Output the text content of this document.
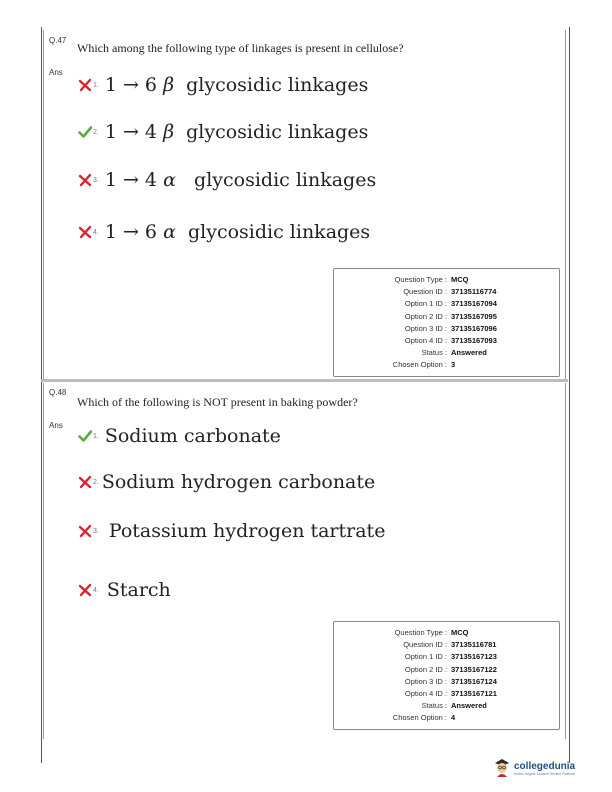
Q.47
Ans
Which among the following type of linkages is present in cellulose?
1. 1 → 6 β  glycosidic linkages
2. 1 → 4 β  glycosidic linkages
3. 1 → 4 α   glycosidic linkages
4. 1 → 6 α  glycosidic linkages
Question Type : MCQ
Question ID : 37135116774
Option 1 ID : 37135167094
Option 2 ID : 37135167095
Option 3 ID : 37135167096
Option 4 ID : 37135167093
Status : Answered
Chosen Option : 3
Q.48
Ans
Which of the following is NOT present in baking powder?
1. Sodium carbonate
2. Sodium hydrogen carbonate
3. Potassium hydrogen tartrate
4. Starch
Question Type : MCQ
Question ID : 37135116781
Option 1 ID : 37135167123
Option 2 ID : 37135167122
Option 3 ID : 37135167124
Option 4 ID : 37135167121
Status : Answered
Chosen Option : 4
collegedunia
India's largest Student Review Platform
